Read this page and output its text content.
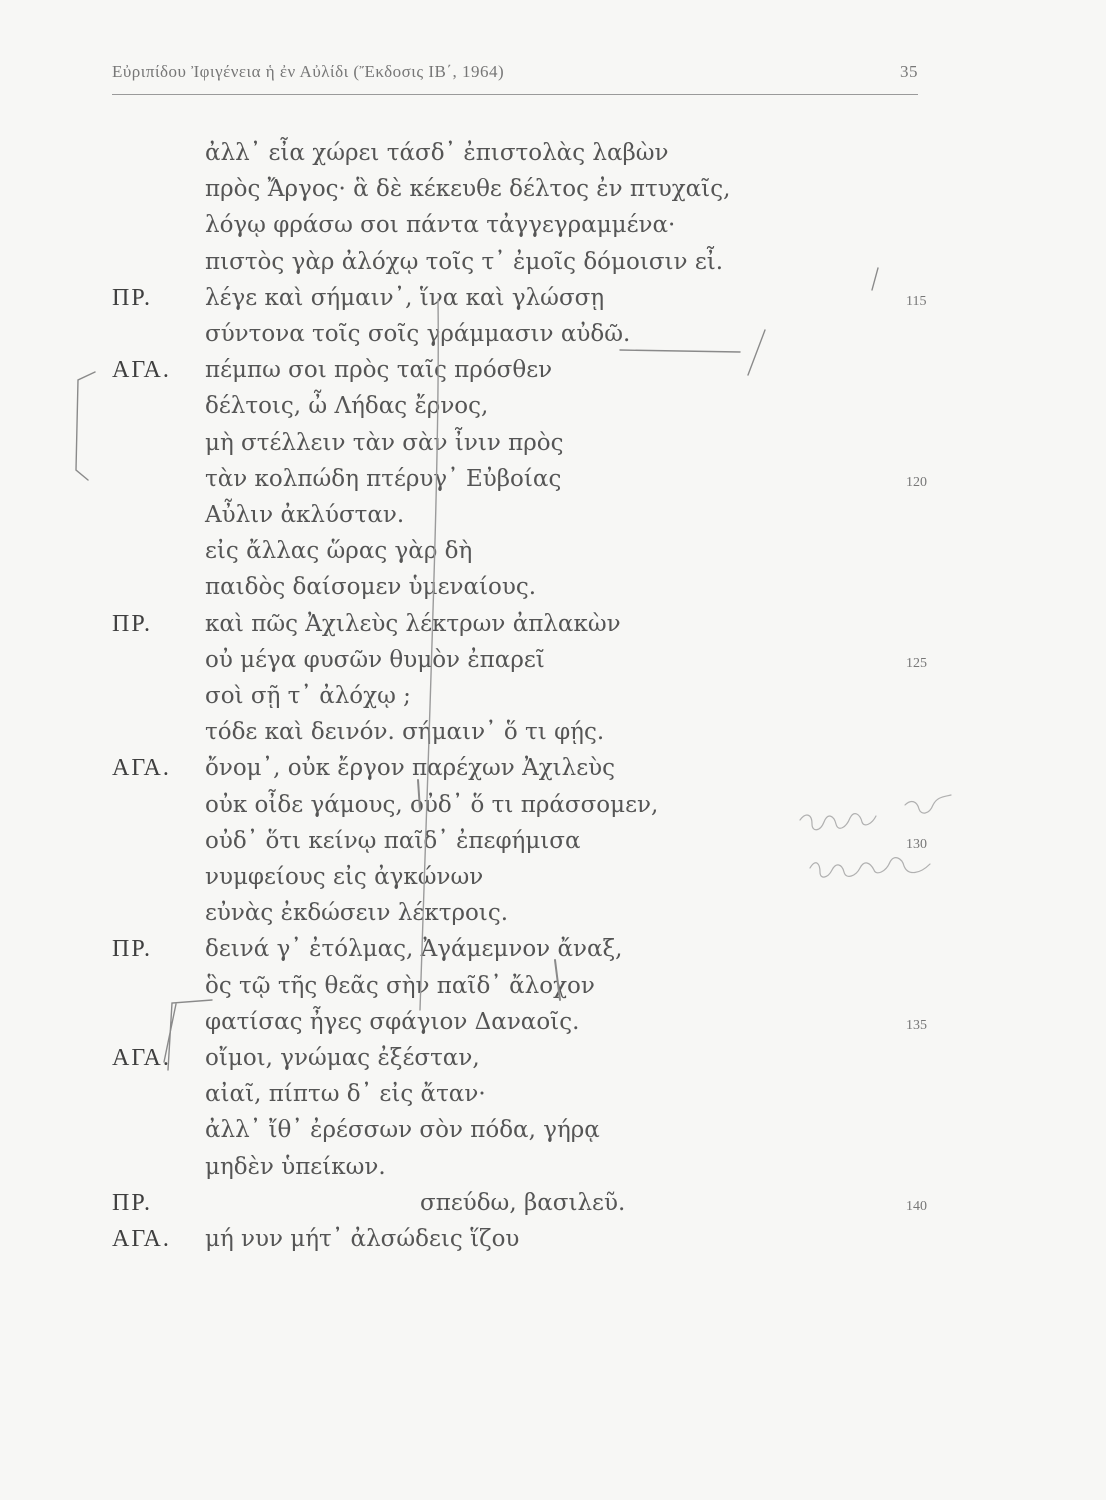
Εὐριπίδου Ἰφιγένεια ἡ ἐν Αὐλίδι (Ἔκδοσις ΙΒ΄, 1964)	35
ἀλλ᾿ εἶα χώρει τάσδ᾿ ἐπιστολὰς λαβὼν
πρὸς Ἄργος· ἃ δὲ κέκευθε δέλτος ἐν πτυχαῖς,
λόγῳ φράσω σοι πάντα τἀγγεγραμμένα·
πιστὸς γὰρ ἀλόχῳ τοῖς τ᾿ ἐμοῖς δόμοισιν εἶ.
ΠΡ. λέγε καὶ σήμαιν᾿, ἵνα καὶ γλώσσῃ	115
σύντονα τοῖς σοῖς γράμμασιν αὐδῶ.
ΑΓΑ. πέμπω σοι πρὸς ταῖς πρόσθεν
δέλτοις, ὦ Λήδας ἔρνος,
μὴ στέλλειν τὰν σὰν ἶνιν πρὸς
τὰν κολπώδη πτέρυγ᾿ Εὐβοίας	120
Αὖλιν ἀκλύσταν.
εἰς ἄλλας ὥρας γὰρ δὴ
παιδὸς δαίσομεν ὑμεναίους.
ΠΡ. καὶ πῶς Ἀχιλεὺς λέκτρων ἀπλακὼν
οὐ μέγα φυσῶν θυμὸν ἐπαρεῖ	125
σοὶ σῇ τ᾿ ἀλόχῳ ;
τόδε καὶ δεινόν. σήμαιν᾿ ὅ τι φῄς.
ΑΓΑ. ὄνομ᾿, οὐκ ἔργον παρέχων Ἀχιλεὺς
οὐκ οἶδε γάμους, οὐδ᾿ ὅ τι πράσσομεν,
οὐδ᾿ ὅτι κείνῳ παῖδ᾿ ἐπεφήμισα	130
νυμφείους εἰς ἀγκώνων
εὐνὰς ἐκδώσειν λέκτροις.
ΠΡ. δεινά γ᾿ ἐτόλμας, Ἀγάμεμνον ἄναξ,
ὃς τῷ τῆς θεᾶς σὴν παῖδ᾿ ἄλοχον
φατίσας ἦγες σφάγιον Δαναοῖς.	135
ΑΓΑ. οἴμοι, γνώμας ἐξέσταν,
αἰαῖ, πίπτω δ᾿ εἰς ἄταν·
ἀλλ᾿ ἴθ᾿ ἐρέσσων σὸν πόδα, γήρᾳ
μηδὲν ὑπείκων.
ΠΡ.	σπεύδω, βασιλεῦ.	140
ΑΓΑ. μή νυν μήτ᾿ ἀλσώδεις ἵζου
